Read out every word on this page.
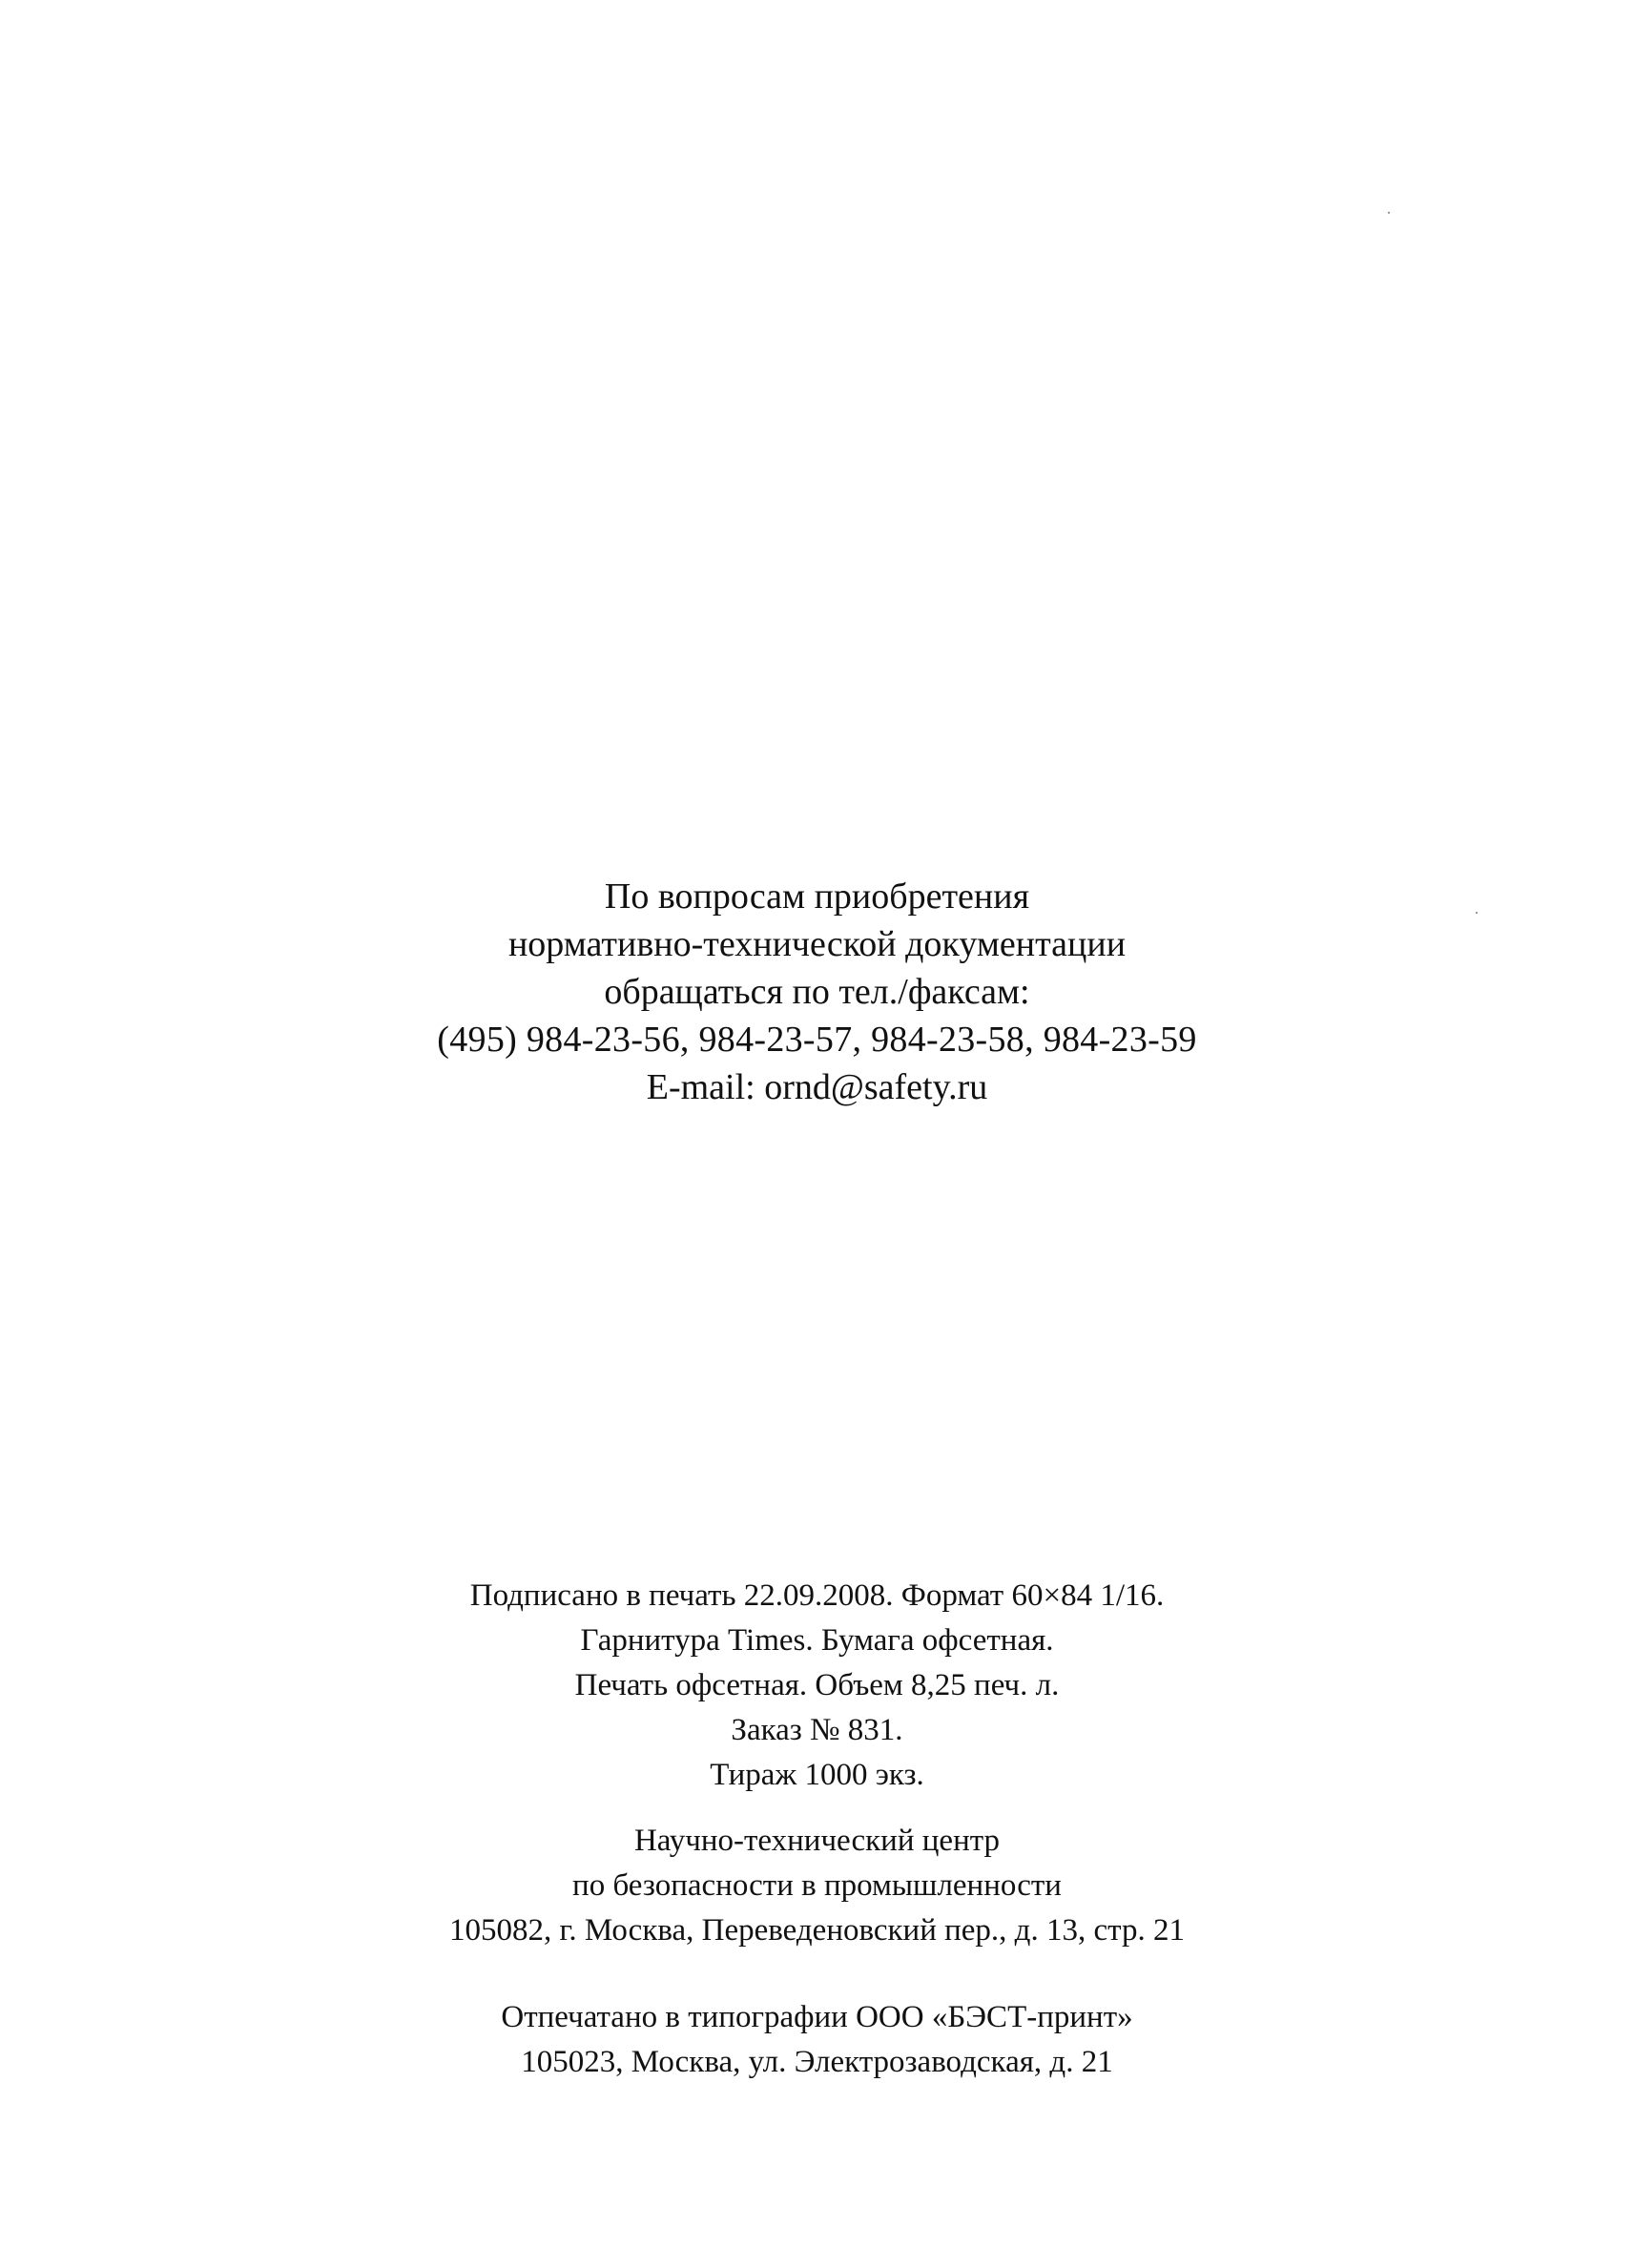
По вопросам приобретения
нормативно-технической документации
обращаться по тел./факсам:
(495) 984-23-56, 984-23-57, 984-23-58, 984-23-59
E-mail: ornd@safety.ru
Подписано в печать 22.09.2008. Формат 60×84 1/16.
Гарнитура Times. Бумага офсетная.
Печать офсетная. Объем 8,25 печ. л.
Заказ № 831.
Тираж 1000 экз.
Научно-технический центр
по безопасности в промышленности
105082, г. Москва, Переведеновский пер., д. 13, стр. 21
Отпечатано в типографии ООО «БЭСТ-принт»
105023, Москва, ул. Электрозаводская, д. 21
